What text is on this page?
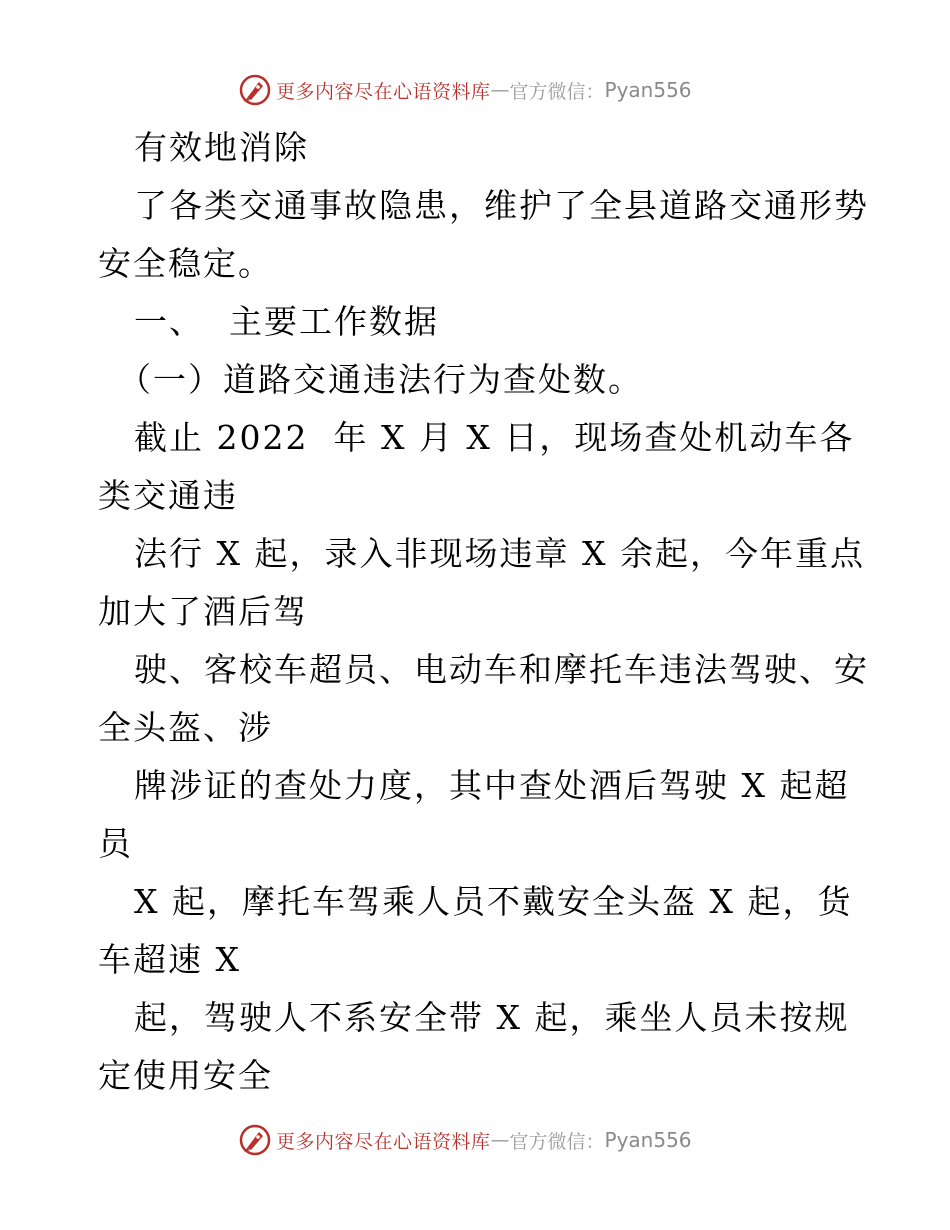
更多内容尽在心语资料库 — 官方微信： Pyan556
有效地消除
了各类交通事故隐患，维护了全县道路交通形势
安全稳定。
一、  主要工作数据
（一）道路交通违法行为查处数。
截止 2022  年 X 月 X 日，现场查处机动车各
类交通违
法行 X 起，录入非现场违章 X 余起，今年重点
加大了酒后驾
驶、客校车超员、电动车和摩托车违法驾驶、安
全头盔、涉
牌涉证的查处力度，其中查处酒后驾驶 X 起超
员
X 起，摩托车驾乘人员不戴安全头盔 X 起，货
车超速 X
起，驾驶人不系安全带 X 起，乘坐人员未按规
定使用安全
更多内容尽在心语资料库 — 官方微信： Pyan556
